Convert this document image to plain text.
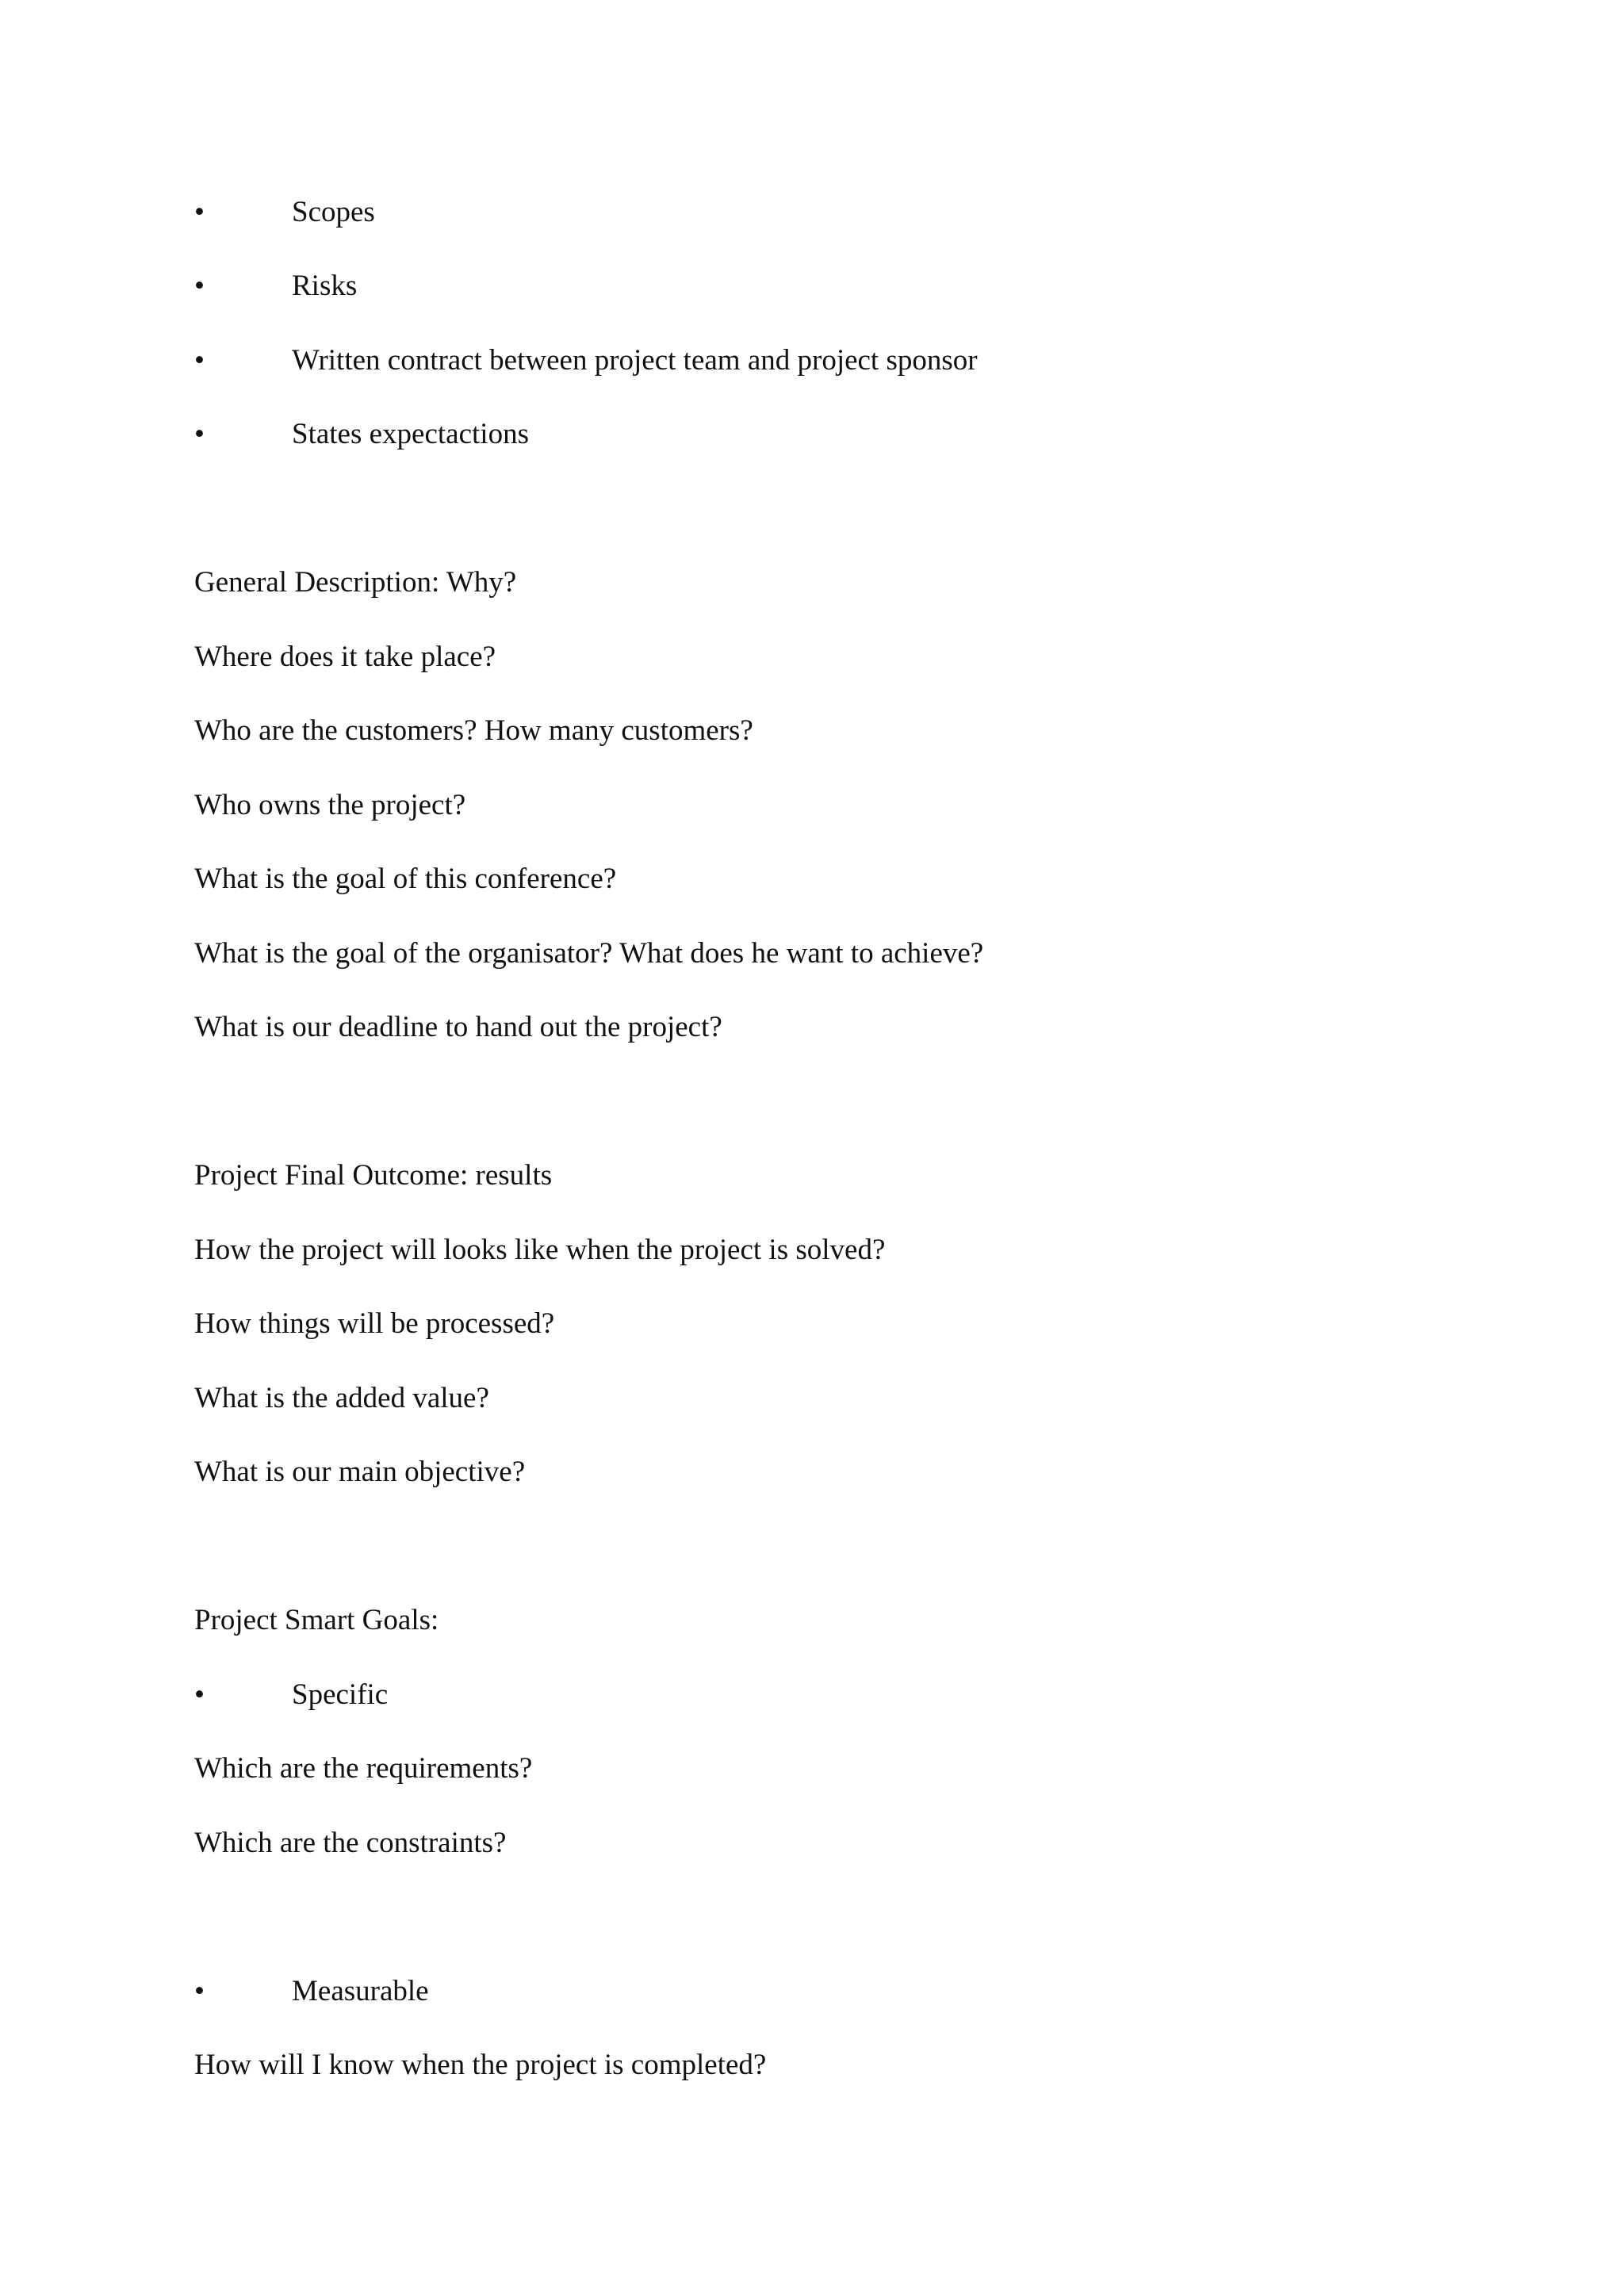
•	Scopes
•	Risks
•	Written contract between project team and project sponsor
•	States expectactions
General Description: Why?
Where does it take place?
Who are the customers? How many customers?
Who owns the project?
What is the goal of this conference?
What is the goal of the organisator? What does he want to achieve?
What is our deadline to hand out the project?
Project Final Outcome: results
How the project will looks like when the project is solved?
How things will be processed?
What is the added value?
What is our main objective?
Project Smart Goals:
•	Specific
Which are the requirements?
Which are the constraints?
•	Measurable
How will I know when the project is completed?
